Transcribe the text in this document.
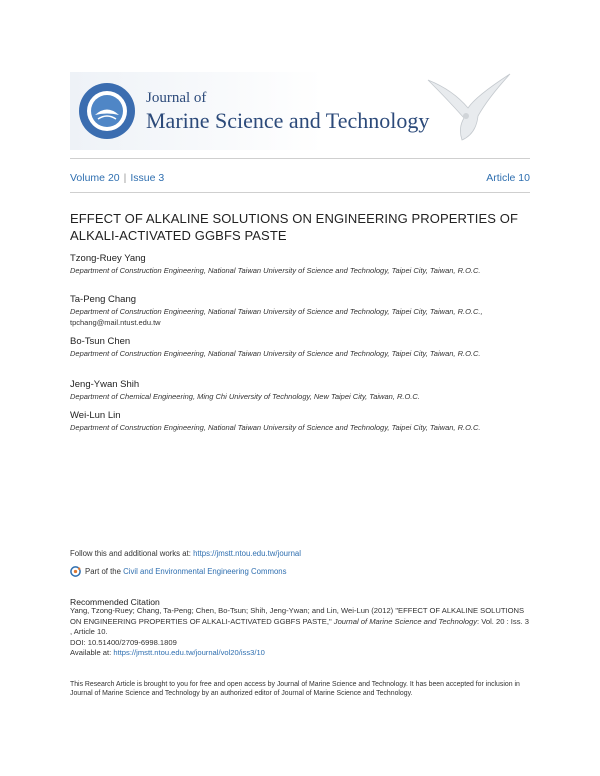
Journal of
Marine Science and Technology
Volume 20 | Issue 3	Article 10
EFFECT OF ALKALINE SOLUTIONS ON ENGINEERING PROPERTIES OF ALKALI-ACTIVATED GGBFS PASTE
Tzong-Ruey Yang
Department of Construction Engineering, National Taiwan University of Science and Technology, Taipei City, Taiwan, R.O.C.
Ta-Peng Chang
Department of Construction Engineering, National Taiwan University of Science and Technology, Taipei City, Taiwan, R.O.C., tpchang@mail.ntust.edu.tw
Bo-Tsun Chen
Department of Construction Engineering, National Taiwan University of Science and Technology, Taipei City, Taiwan, R.O.C.
Jeng-Ywan Shih
Department of Chemical Engineering, Ming Chi University of Technology, New Taipei City, Taiwan, R.O.C.
Wei-Lun Lin
Department of Construction Engineering, National Taiwan University of Science and Technology, Taipei City, Taiwan, R.O.C.
Follow this and additional works at: https://jmstt.ntou.edu.tw/journal
Part of the
Civil and Environmental Engineering Commons
Recommended Citation
Yang, Tzong-Ruey; Chang, Ta-Peng; Chen, Bo-Tsun; Shih, Jeng-Ywan; and Lin, Wei-Lun (2012) "EFFECT OF ALKALINE SOLUTIONS ON ENGINEERING PROPERTIES OF ALKALI-ACTIVATED GGBFS PASTE," Journal of Marine Science and Technology: Vol. 20 : Iss. 3 , Article 10.
DOI: 10.51400/2709-6998.1809
Available at: https://jmstt.ntou.edu.tw/journal/vol20/iss3/10
This Research Article is brought to you for free and open access by Journal of Marine Science and Technology. It has been accepted for inclusion in Journal of Marine Science and Technology by an authorized editor of Journal of Marine Science and Technology.
